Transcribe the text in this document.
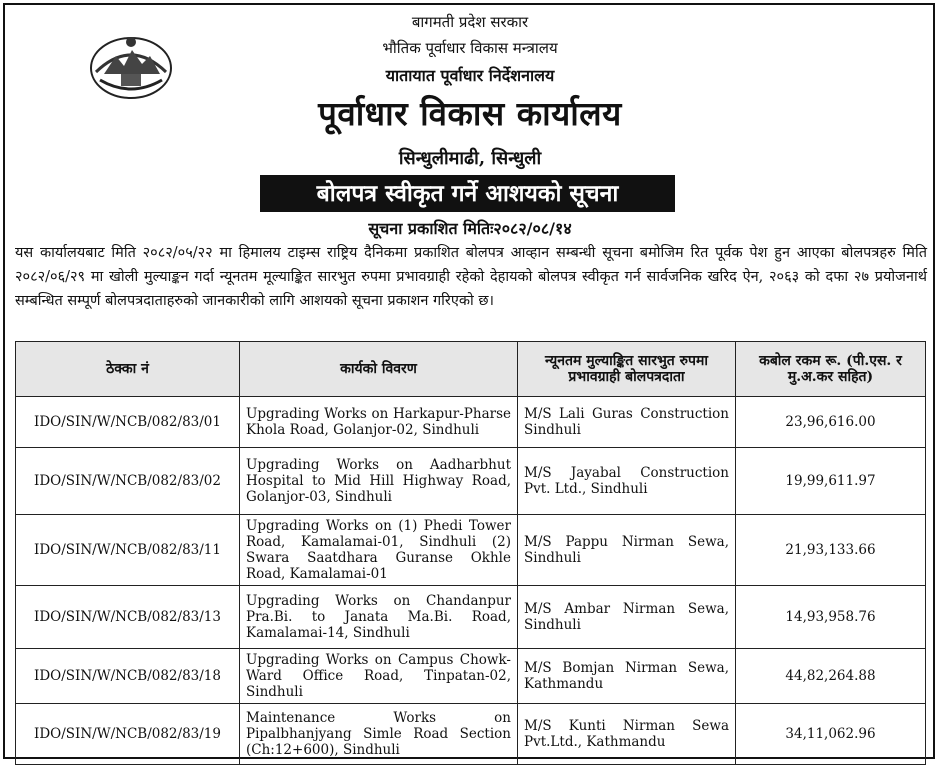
बागमती प्रदेश सरकार
भौतिक पूर्वाधार विकास मन्त्रालय
यातायात पूर्वाधार निर्देशनालय
पूर्वाधार विकास कार्यालय
सिन्धुलीमाढी, सिन्धुली
बोलपत्र स्वीकृत गर्ने आशयको सूचना
सूचना प्रकाशित मितिः२०८२/०८/१४
यस कार्यालयबाट मिति २०८२/०५/२२ मा हिमालय टाइम्स राष्ट्रिय दैनिकमा प्रकाशित बोलपत्र आव्हान सम्बन्धी सूचना बमोजिम रित पूर्वक पेश हुन आएका बोलपत्रहरु मिति २०८२/०६/२९ मा खोली मुल्याङ्कन गर्दा न्यूनतम मूल्याङ्कित सारभुत रुपमा प्रभावग्राही रहेको देहायको बोलपत्र स्वीकृत गर्न सार्वजनिक खरिद ऐन, २०६३ को दफा २७ प्रयोजनार्थ सम्बन्धित सम्पूर्ण बोलपत्रदाताहरुको जानकारीको लागि आशयको सूचना प्रकाशन गरिएको छ।
ठेक्का नं	कार्यको विवरण	न्यूनतम मुल्याङ्कित सारभुत रुपमा प्रभावग्राही बोलपत्रदाता	कबोल रकम रू. (पी.एस. र मु.अ.कर सहित)
IDO/SIN/W/NCB/082/83/01	Upgrading Works on Harkapur-Pharse Khola Road, Golanjor-02, Sindhuli	M/S Lali Guras Construction Sindhuli	23,96,616.00
IDO/SIN/W/NCB/082/83/02	Upgrading Works on Aadharbhut Hospital to Mid Hill Highway Road, Golanjor-03, Sindhuli	M/S Jayabal Construction Pvt. Ltd., Sindhuli	19,99,611.97
IDO/SIN/W/NCB/082/83/11	Upgrading Works on (1) Phedi Tower Road, Kamalamai-01, Sindhuli (2) Swara Saatdhara Guranse Okhle Road, Kamalamai-01	M/S Pappu Nirman Sewa, Sindhuli	21,93,133.66
IDO/SIN/W/NCB/082/83/13	Upgrading Works on Chandanpur Pra.Bi. to Janata Ma.Bi. Road, Kamalamai-14, Sindhuli	M/S Ambar Nirman Sewa, Sindhuli	14,93,958.76
IDO/SIN/W/NCB/082/83/18	Upgrading Works on Campus Chowk-Ward Office Road, Tinpatan-02, Sindhuli	M/S Bomjan Nirman Sewa, Kathmandu	44,82,264.88
IDO/SIN/W/NCB/082/83/19	Maintenance Works on Pipalbhanjyang Simle Road Section (Ch:12+600), Sindhuli	M/S Kunti Nirman Sewa Pvt.Ltd., Kathmandu	34,11,062.96
